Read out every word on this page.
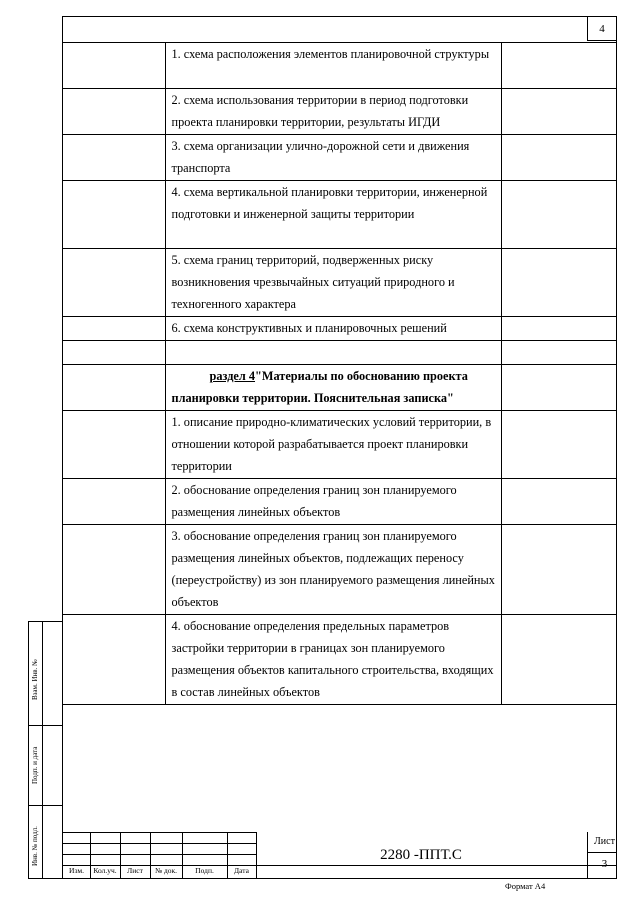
4
	1. схема расположения элементов планировочной структуры	
	2. схема использования территории в период подготовки проекта планировки территории, результаты ИГДИ	
	3. схема организации улично-дорожной сети и движения транспорта	
	4. схема вертикальной планировки территории, инженерной подготовки и инженерной защиты территории	
	5. схема границ территорий, подверженных риску возникновения чрезвычайных ситуаций природного и техногенного характера	
	6. схема конструктивных и планировочных решений	

	раздел 4"Материалы по обоснованию проекта планировки территории. Пояснительная записка"	
	1. описание природно-климатических условий территории, в отношении которой разрабатывается проект планировки территории	
	2. обоснование определения границ зон планируемого размещения линейных объектов	
	3. обоснование определения границ зон планируемого размещения линейных объектов, подлежащих переносу (переустройству) из зон планируемого размещения линейных объектов	
	4. обоснование определения предельных параметров застройки территории в границах зон планируемого размещения объектов капитального строительства, входящих в состав линейных объектов	
Взам. Инв. №
Подп. и дата
Инв. № подл.
Изм.	Кол.уч.	Лист	№ док.	Подп.	Дата
2280 -ППТ.С
Лист
3
Формат А4
